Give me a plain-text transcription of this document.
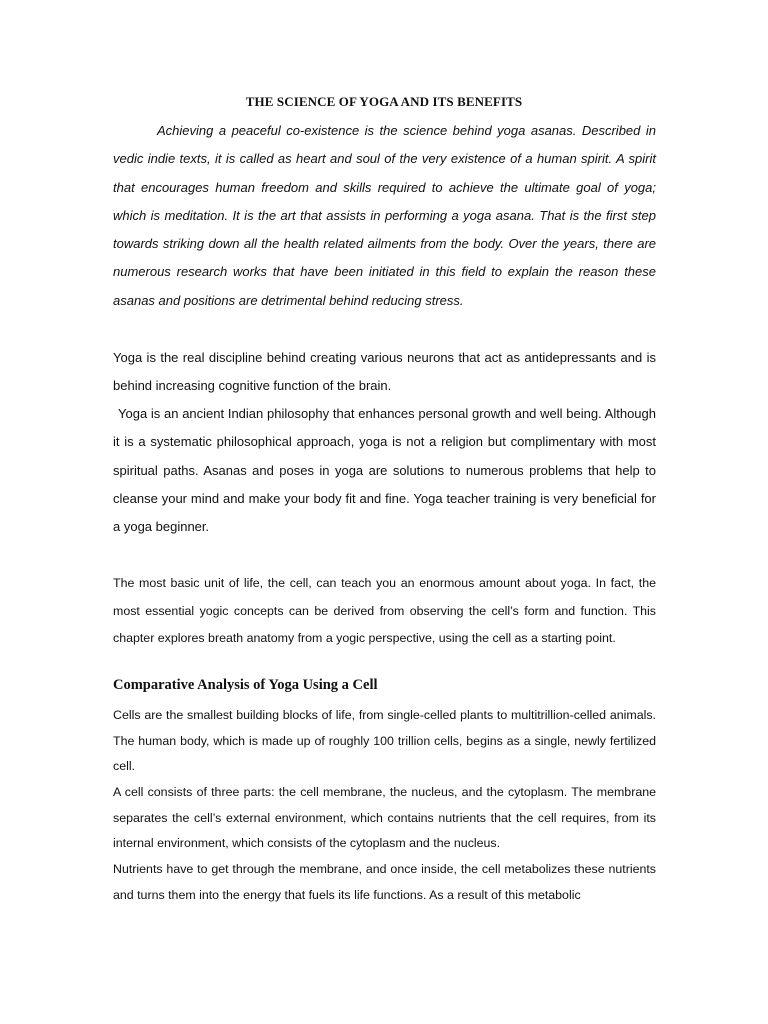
THE SCIENCE OF YOGA AND ITS BENEFITS

Achieving a peaceful co-existence is the science behind yoga asanas. Described in vedic indie texts, it is called as heart and soul of the very existence of a human spirit. A spirit that encourages human freedom and skills required to achieve the ultimate goal of yoga; which is meditation. It is the art that assists in performing a yoga asana. That is the first step towards striking down all the health related ailments from the body. Over the years, there are numerous research works that have been initiated in this field to explain the reason these asanas and positions are detrimental behind reducing stress.

Yoga is the real discipline behind creating various neurons that act as antidepressants and is behind increasing cognitive function of the brain.

Yoga is an ancient Indian philosophy that enhances personal growth and well being. Although it is a systematic philosophical approach, yoga is not a religion but complimentary with most spiritual paths. Asanas and poses in yoga are solutions to numerous problems that help to cleanse your mind and make your body fit and fine. Yoga teacher training is very beneficial for a yoga beginner.

The most basic unit of life, the cell, can teach you an enormous amount about yoga. In fact, the most essential yogic concepts can be derived from observing the cell’s form and function. This chapter explores breath anatomy from a yogic perspective, using the cell as a starting point.

Comparative Analysis of Yoga Using a Cell

Cells are the smallest building blocks of life, from single-celled plants to multitrillion-celled animals. The human body, which is made up of roughly 100 trillion cells, begins as a single, newly fertilized cell.

A cell consists of three parts: the cell membrane, the nucleus, and the cytoplasm. The membrane separates the cell’s external environment, which contains nutrients that the cell requires, from its internal environment, which consists of the cytoplasm and the nucleus.

Nutrients have to get through the membrane, and once inside, the cell metabolizes these nutrients and turns them into the energy that fuels its life functions. As a result of this metabolic
